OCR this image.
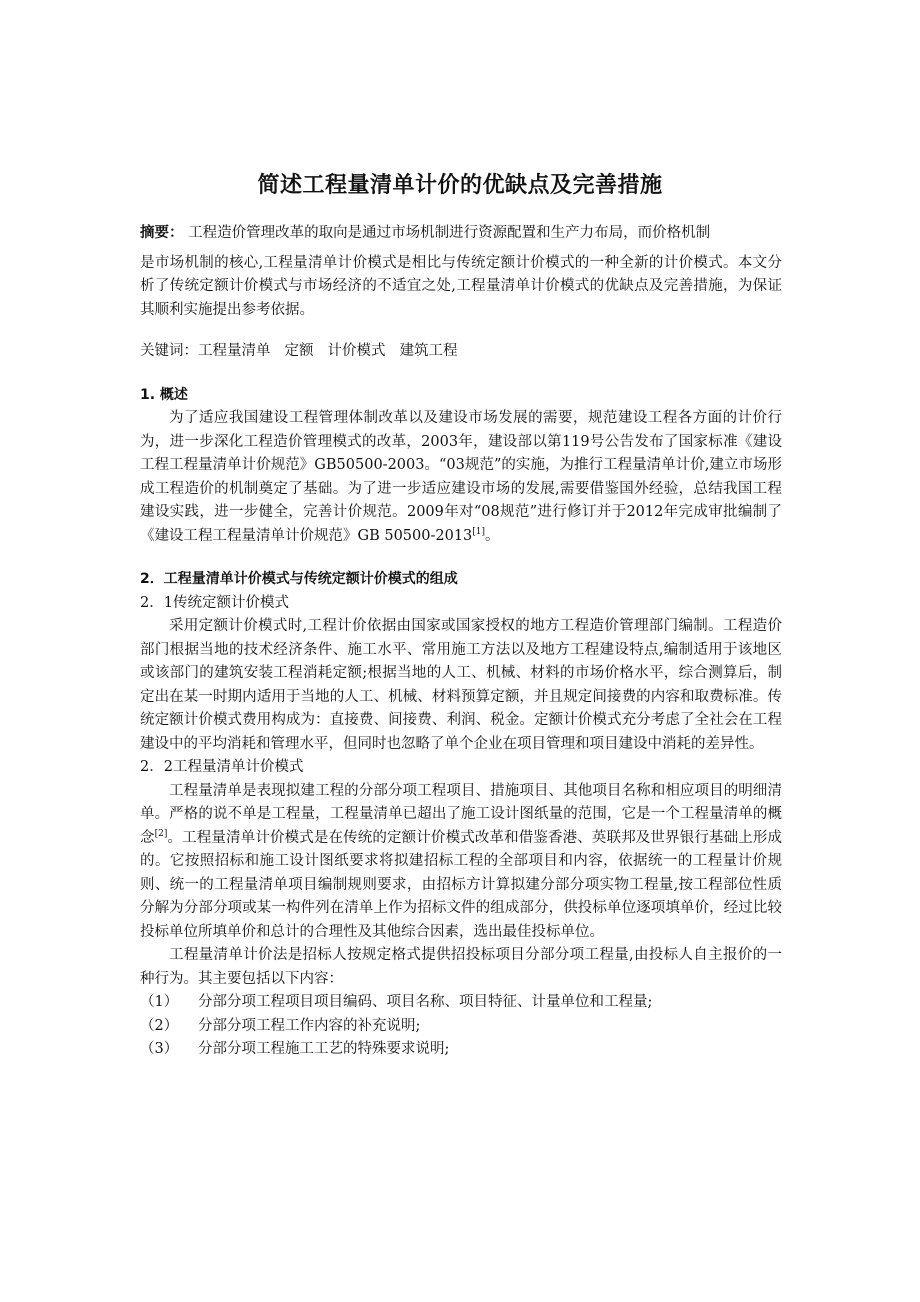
简述工程量清单计价的优缺点及完善措施

摘要： 工程造价管理改革的取向是通过市场机制进行资源配置和生产力布局，而价格机制

是市场机制的核心,工程量清单计价模式是相比与传统定额计价模式的一种全新的计价模式。本文分析了传统定额计价模式与市场经济的不适宜之处,工程量清单计价模式的优缺点及完善措施，为保证其顺利实施提出参考依据。

关键词：工程量清单 定额 计价模式 建筑工程

1. 概述

为了适应我国建设工程管理体制改革以及建设市场发展的需要，规范建设工程各方面的计价行为，进一步深化工程造价管理模式的改革，2003年，建设部以第119号公告发布了国家标准《建设工程工程量清单计价规范》GB50500-2003。“03规范”的实施，为推行工程量清单计价,建立市场形成工程造价的机制奠定了基础。为了进一步适应建设市场的发展,需要借鉴国外经验，总结我国工程建设实践，进一步健全，完善计价规范。2009年对“08规范”进行修订并于2012年完成审批编制了《建设工程工程量清单计价规范》GB 50500-2013[1]。

2．工程量清单计价模式与传统定额计价模式的组成

2．1传统定额计价模式

采用定额计价模式时,工程计价依据由国家或国家授权的地方工程造价管理部门编制。工程造价部门根据当地的技术经济条件、施工水平、常用施工方法以及地方工程建设特点,编制适用于该地区或该部门的建筑安装工程消耗定额;根据当地的人工、机械、材料的市场价格水平，综合测算后，制定出在某一时期内适用于当地的人工、机械、材料预算定额，并且规定间接费的内容和取费标准。传统定额计价模式费用构成为：直接费、间接费、利润、税金。定额计价模式充分考虑了全社会在工程建设中的平均消耗和管理水平，但同时也忽略了单个企业在项目管理和项目建设中消耗的差异性。

2．2工程量清单计价模式

工程量清单是表现拟建工程的分部分项工程项目、措施项目、其他项目名称和相应项目的明细清单。严格的说不单是工程量，工程量清单已超出了施工设计图纸量的范围，它是一个工程量清单的概念[2]。工程量清单计价模式是在传统的定额计价模式改革和借鉴香港、英联邦及世界银行基础上形成的。它按照招标和施工设计图纸要求将拟建招标工程的全部项目和内容，依据统一的工程量计价规则、统一的工程量清单项目编制规则要求，由招标方计算拟建分部分项实物工程量,按工程部位性质分解为分部分项或某一构件列在清单上作为招标文件的组成部分，供投标单位逐项填单价，经过比较投标单位所填单价和总计的合理性及其他综合因素，选出最佳投标单位。

工程量清单计价法是招标人按规定格式提供招投标项目分部分项工程量,由投标人自主报价的一种行为。其主要包括以下内容：

（1） 分部分项工程项目项目编码、项目名称、项目特征、计量单位和工程量;

（2） 分部分项工程工作内容的补充说明;

（3） 分部分项工程施工工艺的特殊要求说明;
